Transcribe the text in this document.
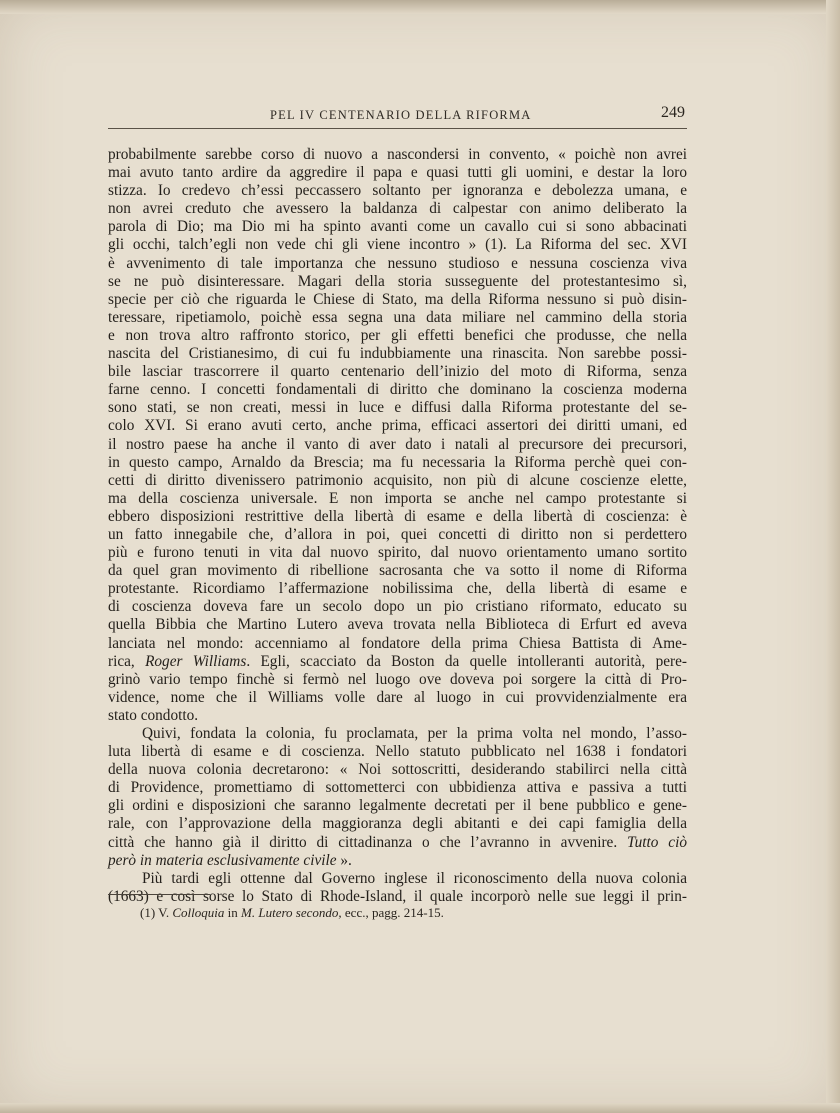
PEL IV CENTENARIO DELLA RIFORMA	249
probabilmente sarebbe corso di nuovo a nascondersi in convento, « poichè non avrei
mai avuto tanto ardire da aggredire il papa e quasi tutti gli uomini, e destar la loro
stizza. Io credevo ch’essi peccassero soltanto per ignoranza e debolezza umana, e
non avrei creduto che avessero la baldanza di calpestar con animo deliberato la
parola di Dio; ma Dio mi ha spinto avanti come un cavallo cui si sono abbacinati
gli occhi, talch’egli non vede chi gli viene incontro » (1). La Riforma del sec. XVI
è avvenimento di tale importanza che nessuno studioso e nessuna coscienza viva
se ne può disinteressare. Magari della storia susseguente del protestantesimo sì,
specie per ciò che riguarda le Chiese di Stato, ma della Riforma nessuno si può disin-
teressare, ripetiamolo, poichè essa segna una data miliare nel cammino della storia
e non trova altro raffronto storico, per gli effetti benefici che produsse, che nella
nascita del Cristianesimo, di cui fu indubbiamente una rinascita. Non sarebbe possi-
bile lasciar trascorrere il quarto centenario dell’inizio del moto di Riforma, senza
farne cenno. I concetti fondamentali di diritto che dominano la coscienza moderna
sono stati, se non creati, messi in luce e diffusi dalla Riforma protestante del se-
colo XVI. Si erano avuti certo, anche prima, efficaci assertori dei diritti umani, ed
il nostro paese ha anche il vanto di aver dato i natali al precursore dei precursori,
in questo campo, Arnaldo da Brescia; ma fu necessaria la Riforma perchè quei con-
cetti di diritto divenissero patrimonio acquisito, non più di alcune coscienze elette,
ma della coscienza universale. E non importa se anche nel campo protestante si
ebbero disposizioni restrittive della libertà di esame e della libertà di coscienza: è
un fatto innegabile che, d’allora in poi, quei concetti di diritto non si perdettero
più e furono tenuti in vita dal nuovo spirito, dal nuovo orientamento umano sortito
da quel gran movimento di ribellione sacrosanta che va sotto il nome di Riforma
protestante. Ricordiamo l’affermazione nobilissima che, della libertà di esame e
di coscienza doveva fare un secolo dopo un pio cristiano riformato, educato su
quella Bibbia che Martino Lutero aveva trovata nella Biblioteca di Erfurt ed aveva
lanciata nel mondo: accenniamo al fondatore della prima Chiesa Battista di Ame-
rica, Roger Williams. Egli, scacciato da Boston da quelle intolleranti autorità, pere-
grinò vario tempo finchè si fermò nel luogo ove doveva poi sorgere la città di Pro-
vidence, nome che il Williams volle dare al luogo in cui provvidenzialmente era
stato condotto.
Quivi, fondata la colonia, fu proclamata, per la prima volta nel mondo, l’asso-
luta libertà di esame e di coscienza. Nello statuto pubblicato nel 1638 i fondatori
della nuova colonia decretarono: « Noi sottoscritti, desiderando stabilirci nella città
di Providence, promettiamo di sottometterci con ubbidienza attiva e passiva a tutti
gli ordini e disposizioni che saranno legalmente decretati per il bene pubblico e gene-
rale, con l’approvazione della maggioranza degli abitanti e dei capi famiglia della
città che hanno già il diritto di cittadinanza o che l’avranno in avvenire. Tutto ciò
però in materia esclusivamente civile ».
Più tardi egli ottenne dal Governo inglese il riconoscimento della nuova colonia
(1663) e così sorse lo Stato di Rhode-Island, il quale incorporò nelle sue leggi il prin-
(1) V. Colloquia in M. Lutero secondo, ecc., pagg. 214-15.
